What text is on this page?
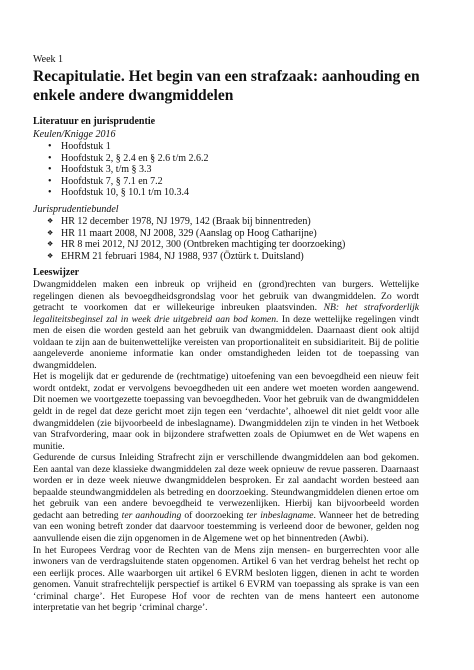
Week 1
Recapitulatie. Het begin van een strafzaak: aanhouding en enkele andere dwangmiddelen
Literatuur en jurisprudentie
Keulen/Knigge 2016
• Hoofdstuk 1
• Hoofdstuk 2, § 2.4 en § 2.6 t/m 2.6.2
• Hoofdstuk 3, t/m § 3.3
• Hoofdstuk 7, § 7.1 en 7.2
• Hoofdstuk 10, § 10.1 t/m 10.3.4
Jurisprudentiebundel
❖ HR 12 december 1978, NJ 1979, 142 (Braak bij binnentreden)
❖ HR 11 maart 2008, NJ 2008, 329 (Aanslag op Hoog Catharijne)
❖ HR 8 mei 2012, NJ 2012, 300 (Ontbreken machtiging ter doorzoeking)
❖ EHRM 21 februari 1984, NJ 1988, 937 (Öztürk t. Duitsland)
Leeswijzer

Dwangmiddelen maken een inbreuk op vrijheid en (grond)rechten van burgers. Wettelijke regelingen dienen als bevoegdheidsgrondslag voor het gebruik van dwangmiddelen. Zo wordt getracht te voorkomen dat er willekeurige inbreuken plaatsvinden. NB: het strafvorderlijk legaliteitsbeginsel zal in week drie uitgebreid aan bod komen. In deze wettelijke regelingen vindt men de eisen die worden gesteld aan het gebruik van dwangmiddelen. Daarnaast dient ook altijd voldaan te zijn aan de buitenwettelijke vereisten van proportionaliteit en subsidiariteit. Bij de politie aangeleverde anonieme informatie kan onder omstandigheden leiden tot de toepassing van dwangmiddelen.

Het is mogelijk dat er gedurende de (rechtmatige) uitoefening van een bevoegdheid een nieuw feit wordt ontdekt, zodat er vervolgens bevoegdheden uit een andere wet moeten worden aangewend. Dit noemen we voortgezette toepassing van bevoegdheden. Voor het gebruik van de dwangmiddelen geldt in de regel dat deze gericht moet zijn tegen een ‘verdachte’, alhoewel dit niet geldt voor alle dwangmiddelen (zie bijvoorbeeld de inbeslagname). Dwangmiddelen zijn te vinden in het Wetboek van Strafvordering, maar ook in bijzondere strafwetten zoals de Opiumwet en de Wet wapens en munitie.

Gedurende de cursus Inleiding Strafrecht zijn er verschillende dwangmiddelen aan bod gekomen. Een aantal van deze klassieke dwangmiddelen zal deze week opnieuw de revue passeren. Daarnaast worden er in deze week nieuwe dwangmiddelen besproken. Er zal aandacht worden besteed aan bepaalde steundwangmiddelen als betreding en doorzoeking. Steundwangmiddelen dienen ertoe om het gebruik van een andere bevoegdheid te verwezenlijken. Hierbij kan bijvoorbeeld worden gedacht aan betreding ter aanhouding of doorzoeking ter inbeslagname. Wanneer het de betreding van een woning betreft zonder dat daarvoor toestemming is verleend door de bewoner, gelden nog aanvullende eisen die zijn opgenomen in de Algemene wet op het binnentreden (Awbi).

In het Europees Verdrag voor de Rechten van de Mens zijn mensen- en burgerrechten voor alle inwoners van de verdragsluitende staten opgenomen. Artikel 6 van het verdrag behelst het recht op een eerlijk proces. Alle waarborgen uit artikel 6 EVRM besloten liggen, dienen in acht te worden genomen. Vanuit strafrechtelijk perspectief is artikel 6 EVRM van toepassing als sprake is van een ‘criminal charge’. Het Europese Hof voor de rechten van de mens hanteert een autonome interpretatie van het begrip ‘criminal charge’.
